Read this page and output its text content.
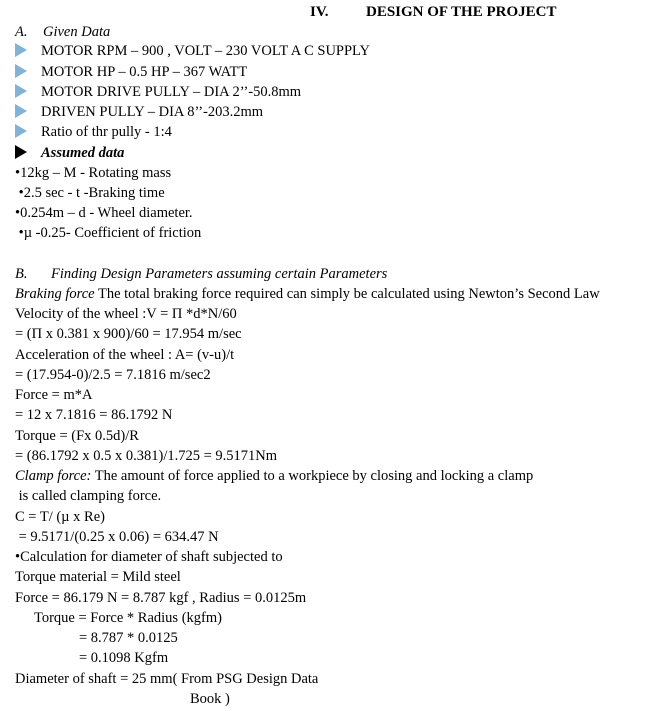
IV.	DESIGN OF THE PROJECT
A. Given Data
MOTOR RPM – 900 , VOLT – 230 VOLT A C SUPPLY
MOTOR HP – 0.5 HP – 367 WATT
MOTOR DRIVE PULLY – DIA 2’’-50.8mm
DRIVEN PULLY – DIA 8’’-203.2mm
Ratio of thr pully - 1:4
Assumed data
•12kg – M - Rotating mass
•2.5 sec - t -Braking time
•0.254m – d - Wheel diameter.
•µ -0.25- Coefficient of friction
B. Finding Design Parameters assuming certain Parameters
Braking force The total braking force required can simply be calculated using Newton’s Second Law
Velocity of the wheel :V = Π *d*N/60
= (Π x 0.381 x 900)/60 = 17.954 m/sec
Acceleration of the wheel : A= (v-u)/t
= (17.954-0)/2.5 = 7.1816 m/sec2
Force = m*A
= 12 x 7.1816 = 86.1792 N
Torque = (Fx 0.5d)/R
= (86.1792 x 0.5 x 0.381)/1.725 = 9.5171Nm
Clamp force: The amount of force applied to a workpiece by closing and locking a clamp
is called clamping force.
C = T/ (µ x Re)
= 9.5171/(0.25 x 0.06) = 634.47 N
•Calculation for diameter of shaft subjected to
Torque material = Mild steel
Force = 86.179 N = 8.787 kgf , Radius = 0.0125m
Torque = Force * Radius (kgfm)
= 8.787 * 0.0125
= 0.1098 Kgfm
Diameter of shaft = 25 mm( From PSG Design Data
Book )
